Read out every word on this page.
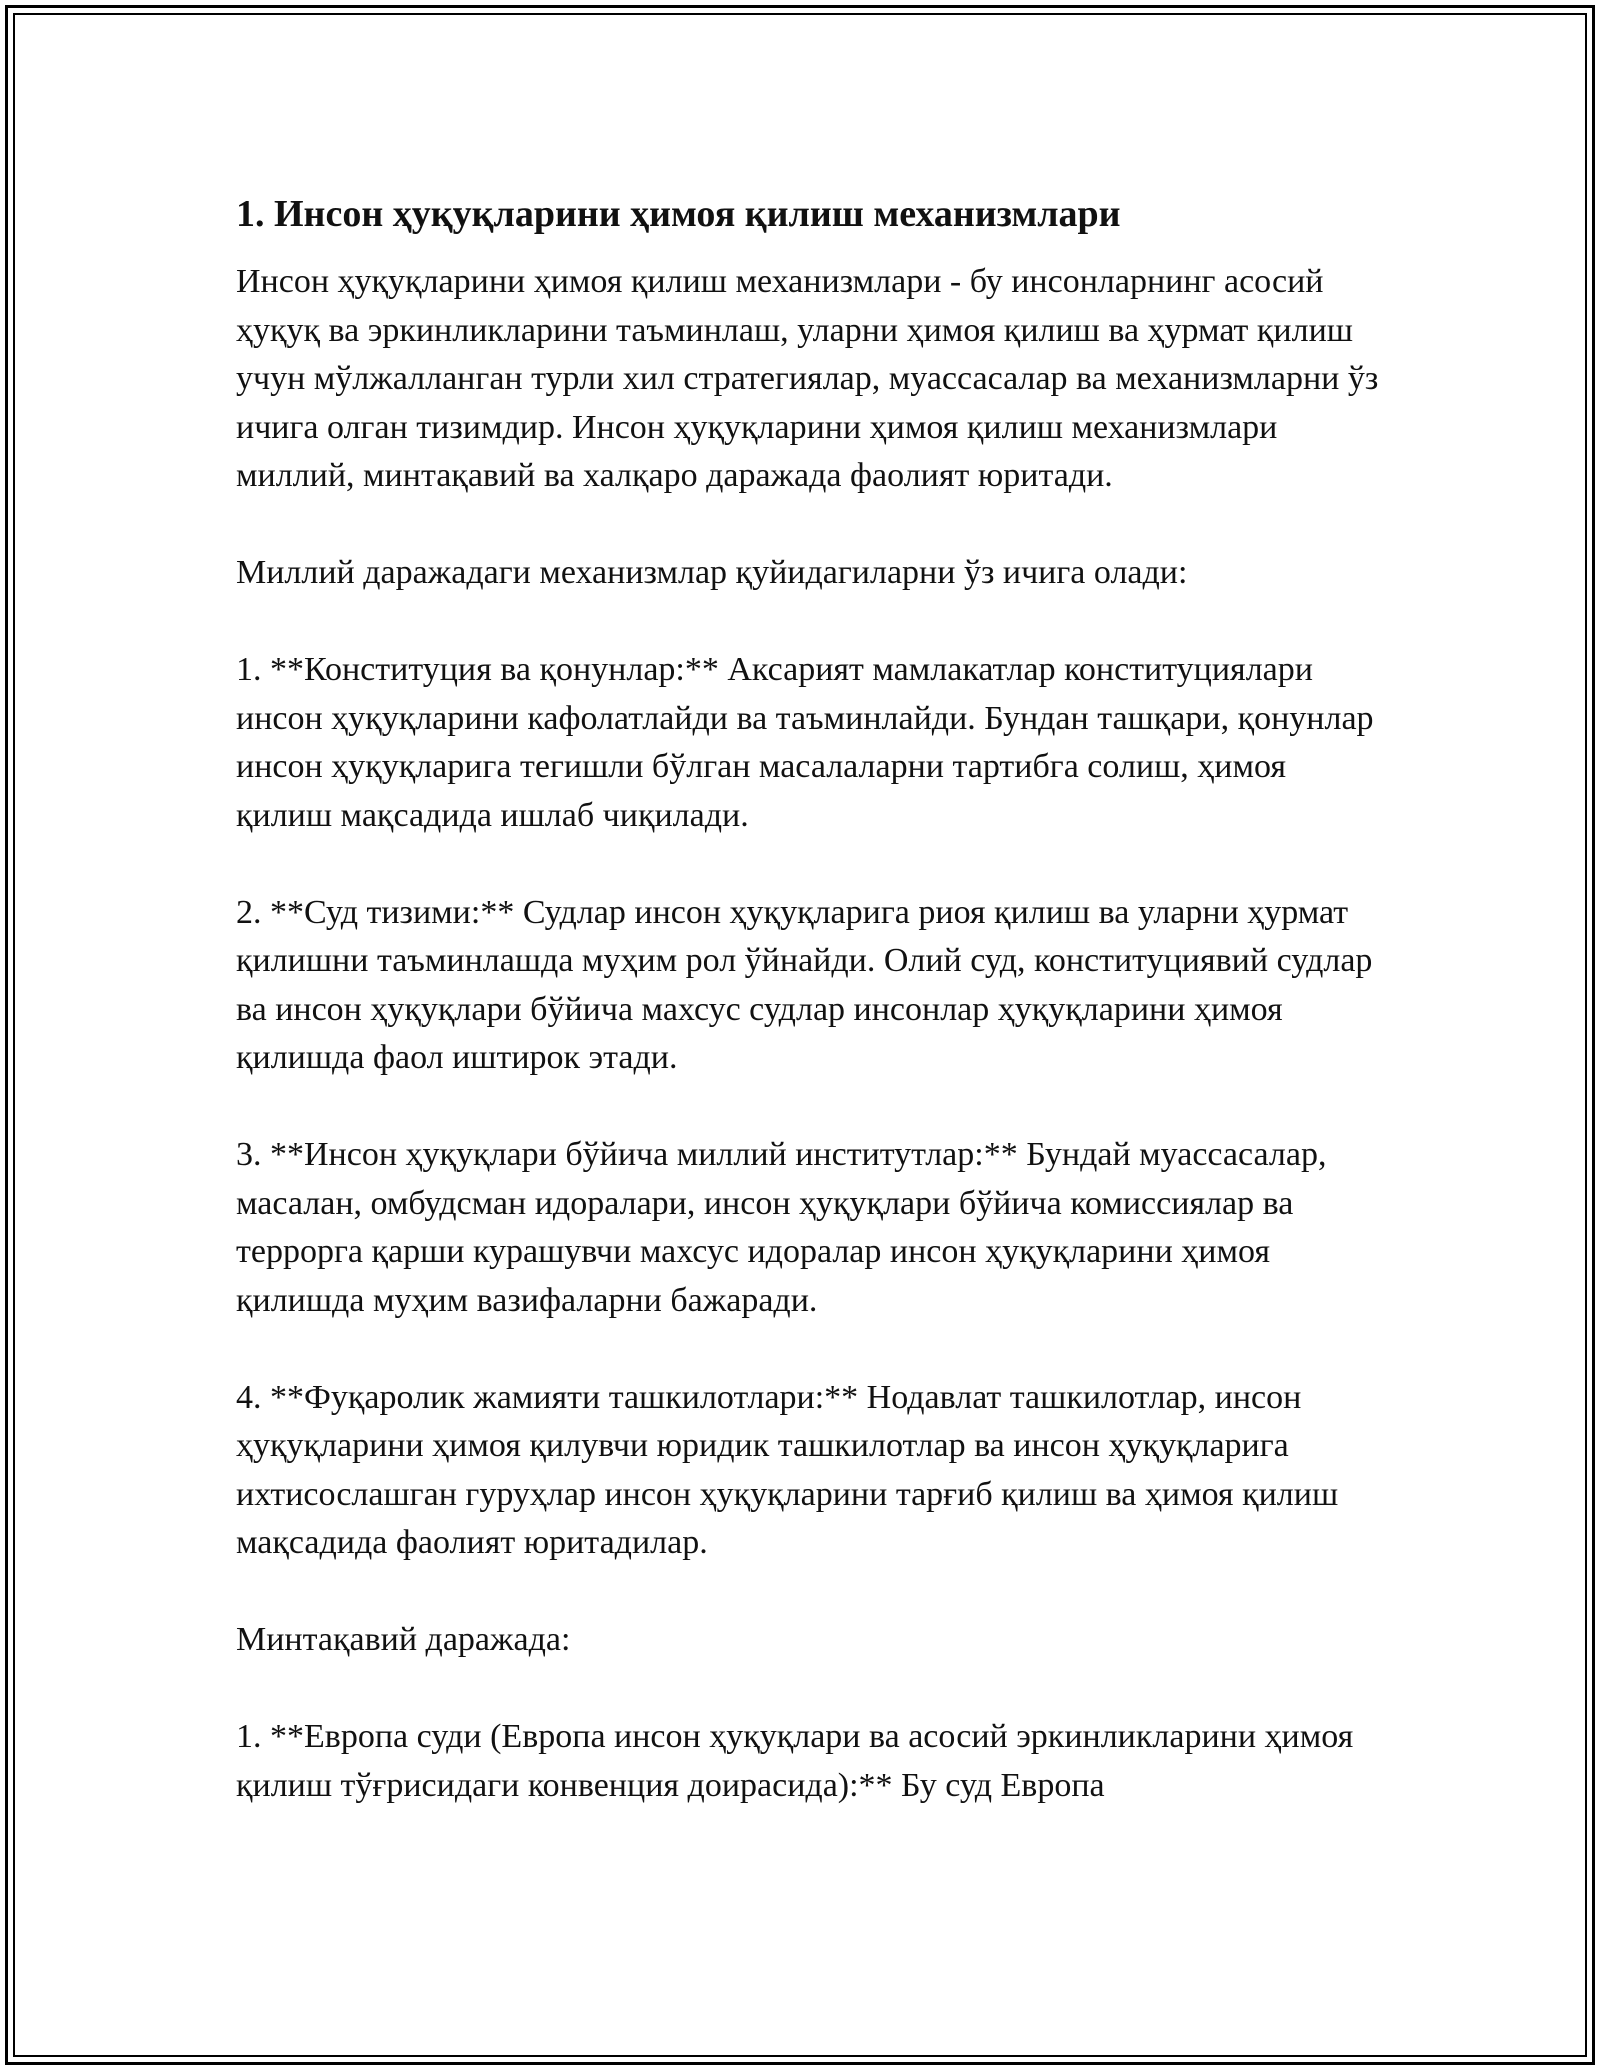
1. Инсон ҳуқуқларини ҳимоя қилиш механизмлари

Инсон ҳуқуқларини ҳимоя қилиш механизмлари - бу инсонларнинг асосий ҳуқуқ ва эркинликларини таъминлаш, уларни ҳимоя қилиш ва ҳурмат қилиш учун мўлжалланган турли хил стратегиялар, муассасалар ва механизмларни ўз ичига олган тизимдир. Инсон ҳуқуқларини ҳимоя қилиш механизмлари миллий, минтақавий ва халқаро даражада фаолият юритади.

Миллий даражадаги механизмлар қуйидагиларни ўз ичига олади:

1. **Конституция ва қонунлар:** Аксарият мамлакатлар конституциялари инсон ҳуқуқларини кафолатлайди ва таъминлайди. Бундан ташқари, қонунлар инсон ҳуқуқларига тегишли бўлган масалаларни тартибга солиш, ҳимоя қилиш мақсадида ишлаб чиқилади.

2. **Суд тизими:** Судлар инсон ҳуқуқларига риоя қилиш ва уларни ҳурмат қилишни таъминлашда муҳим рол ўйнайди. Олий суд, конституциявий судлар ва инсон ҳуқуқлари бўйича махсус судлар инсонлар ҳуқуқларини ҳимоя қилишда фаол иштирок этади.

3. **Инсон ҳуқуқлари бўйича миллий институтлар:** Бундай муассасалар, масалан, омбудсман идоралари, инсон ҳуқуқлари бўйича комиссиялар ва террорга қарши курашувчи махсус идоралар инсон ҳуқуқларини ҳимоя қилишда муҳим вазифаларни бажаради.

4. **Фуқаролик жамияти ташкилотлари:** Нодавлат ташкилотлар, инсон ҳуқуқларини ҳимоя қилувчи юридик ташкилотлар ва инсон ҳуқуқларига ихтисослашган гуруҳлар инсон ҳуқуқларини тарғиб қилиш ва ҳимоя қилиш мақсадида фаолият юритадилар.

Минтақавий даражада:

1. **Европа суди (Европа инсон ҳуқуқлари ва асосий эркинликларини ҳимоя қилиш тўғрисидаги конвенция доирасида):** Бу суд Европа
